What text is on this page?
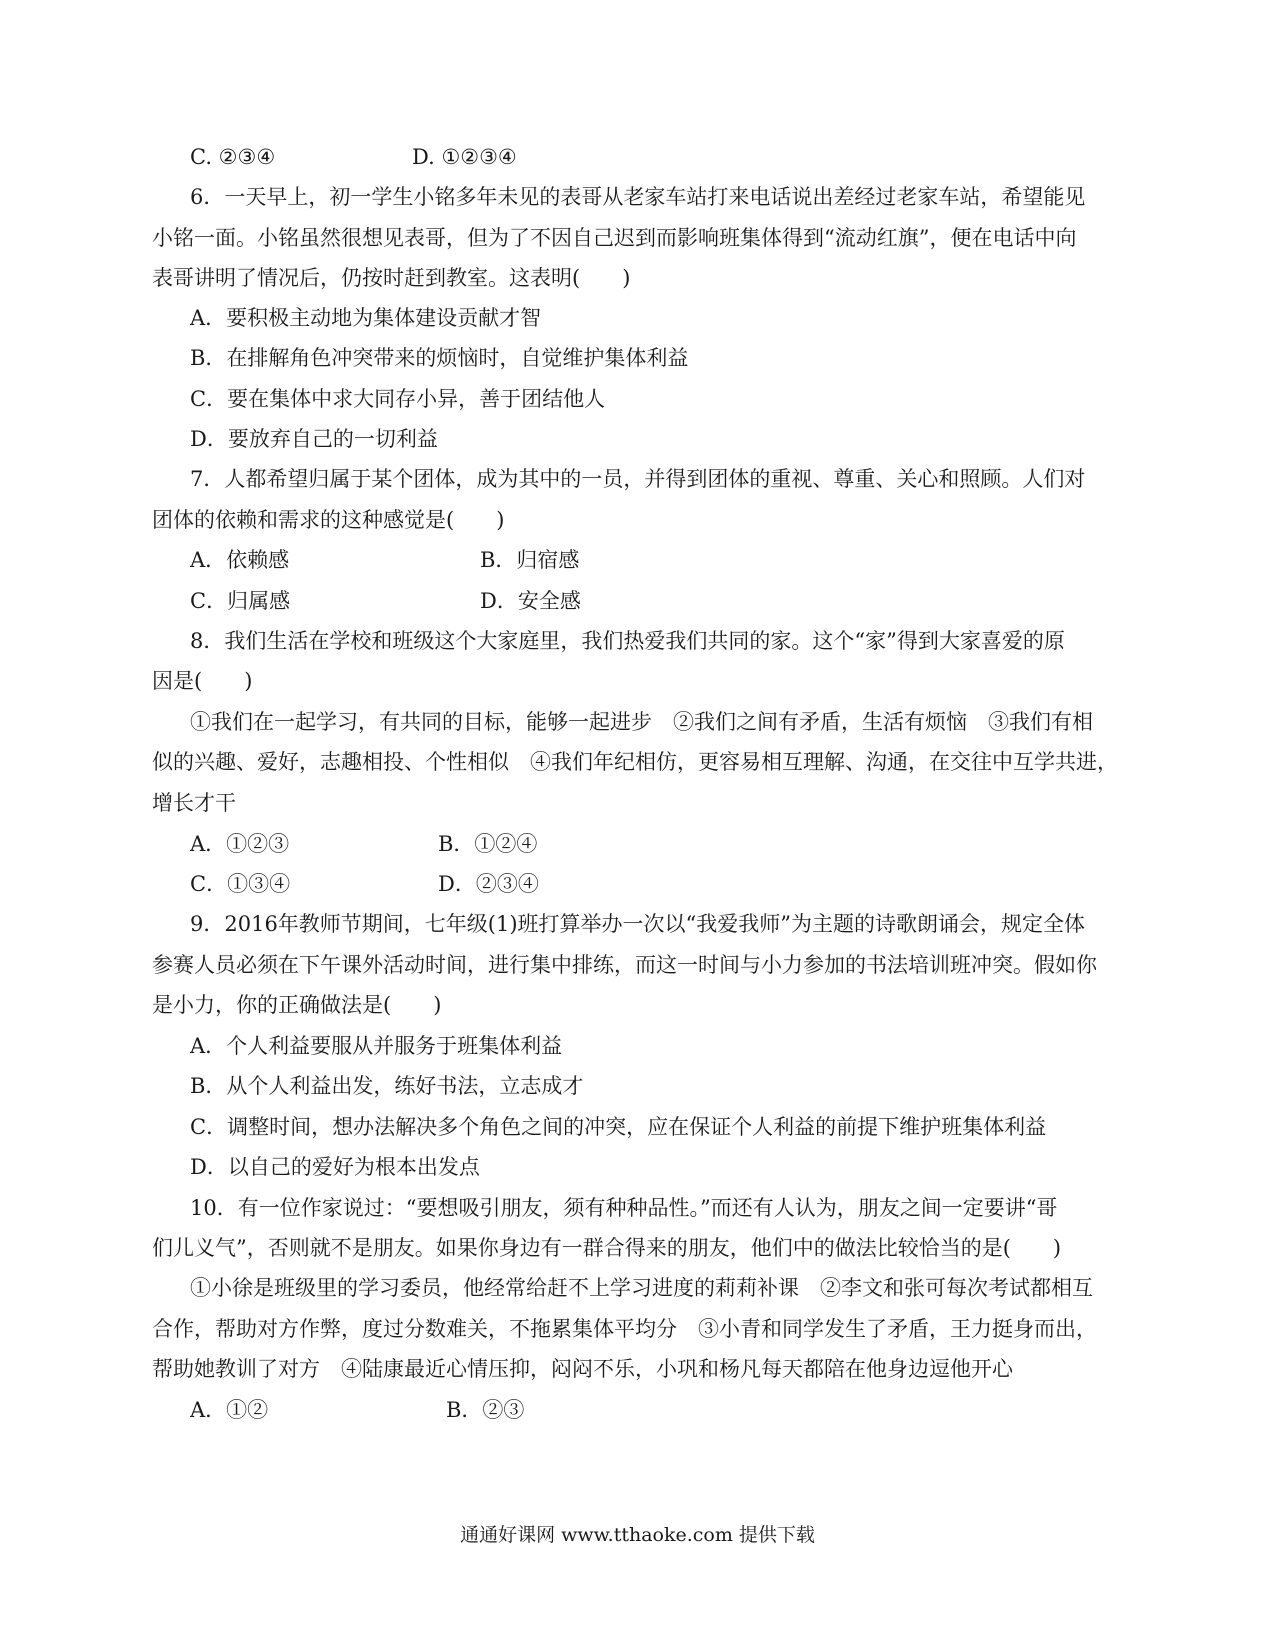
C. ②③④	D. ①②③④
6．一天早上，初一学生小铭多年未见的表哥从老家车站打来电话说出差经过老家车站，希望能见
小铭一面。小铭虽然很想见表哥，但为了不因自己迟到而影响班集体得到“流动红旗”，便在电话中向
表哥讲明了情况后，仍按时赶到教室。这表明(　　)
A．要积极主动地为集体建设贡献才智
B．在排解角色冲突带来的烦恼时，自觉维护集体利益
C．要在集体中求大同存小异，善于团结他人
D．要放弃自己的一切利益
7．人都希望归属于某个团体，成为其中的一员，并得到团体的重视、尊重、关心和照顾。人们对
团体的依赖和需求的这种感觉是(　　)
A．依赖感	B．归宿感
C．归属感	D．安全感
8．我们生活在学校和班级这个大家庭里，我们热爱我们共同的家。这个“家”得到大家喜爱的原
因是(　　)
①我们在一起学习，有共同的目标，能够一起进步　②我们之间有矛盾，生活有烦恼　③我们有相
似的兴趣、爱好，志趣相投、个性相似　④我们年纪相仿，更容易相互理解、沟通，在交往中互学共进，
增长才干
A．①②③	B．①②④
C．①③④	D．②③④
9．2016年教师节期间，七年级(1)班打算举办一次以“我爱我师”为主题的诗歌朗诵会，规定全体
参赛人员必须在下午课外活动时间，进行集中排练，而这一时间与小力参加的书法培训班冲突。假如你
是小力，你的正确做法是(　　)
A．个人利益要服从并服务于班集体利益
B．从个人利益出发，练好书法，立志成才
C．调整时间，想办法解决多个角色之间的冲突，应在保证个人利益的前提下维护班集体利益
D．以自己的爱好为根本出发点
10．有一位作家说过：“要想吸引朋友，须有种种品性。”而还有人认为，朋友之间一定要讲“哥
们儿义气”，否则就不是朋友。如果你身边有一群合得来的朋友，他们中的做法比较恰当的是(　　)
①小徐是班级里的学习委员，他经常给赶不上学习进度的莉莉补课　②李文和张可每次考试都相互
合作，帮助对方作弊，度过分数难关，不拖累集体平均分　③小青和同学发生了矛盾，王力挺身而出，
帮助她教训了对方　④陆康最近心情压抑，闷闷不乐，小巩和杨凡每天都陪在他身边逗他开心
A．①②	B．②③
通通好课网 www.tthaoke.com 提供下载
